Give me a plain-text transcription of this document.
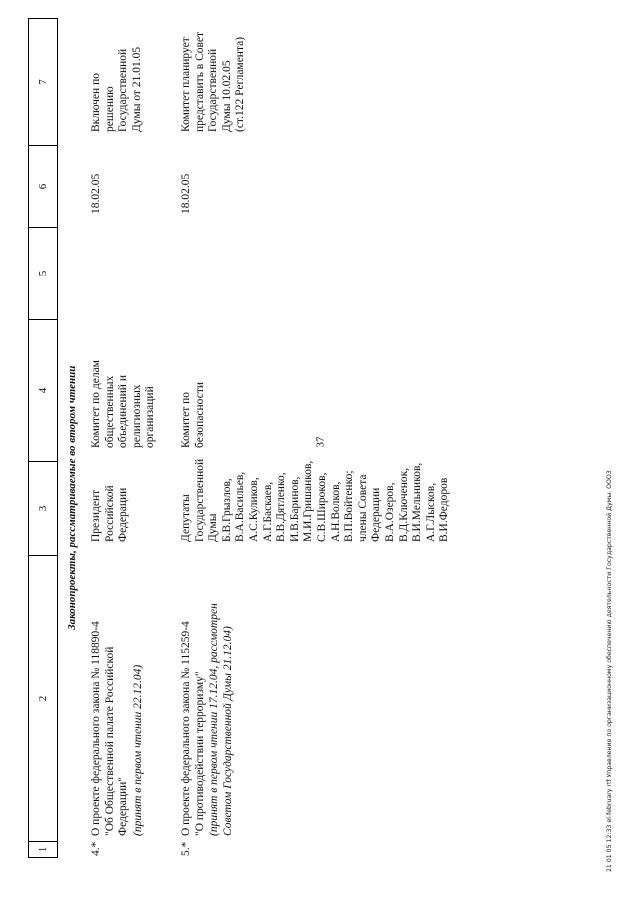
37
1
2
3
4
5
6
7
Законопроекты, рассматриваемые во втором чтении
4.*
О проекте федерального закона № 118890-4
"Об Общественной палате Российской
Федерации" (принят в первом чтении 22.12.04)
Президент
Российской
Федерации
Комитет по делам
общественных
объединений и
религиозных
организаций
18.02.05
Включен по
решению
Государственной
Думы от 21.01.05
5.*
О проекте федерального закона № 115259-4
"О противодействии терроризму"
(принят в первом чтении 17.12.04, рассмотрен
Советом Государственной Думы 21.12.04)
Депутаты
Государственной
Думы
Б.В.Грызлов,
В.А.Васильев,
А.С.Куликов,
А.Г.Баскаев,
В.В.Дятленко,
И.В.Баринов,
М.И.Гришанков,
С.В.Широков,
А.Н.Волков,
В.П.Войтенко;
члены Совета
Федерации
В.А.Озеров,
В.Д.Ключенок,
В.И.Мельников,
А.Г.Лысков,
В.И.Федоров
Комитет по
безопасности
18.02.05
Комитет планирует
представить в Совет
Государственной
Думы 10.02.05
(ст.122 Регламента)
21 01 05 12:33 el-february rtf Управление по организационному обеспечению деятельности Государственной Думы. ОООЗ
